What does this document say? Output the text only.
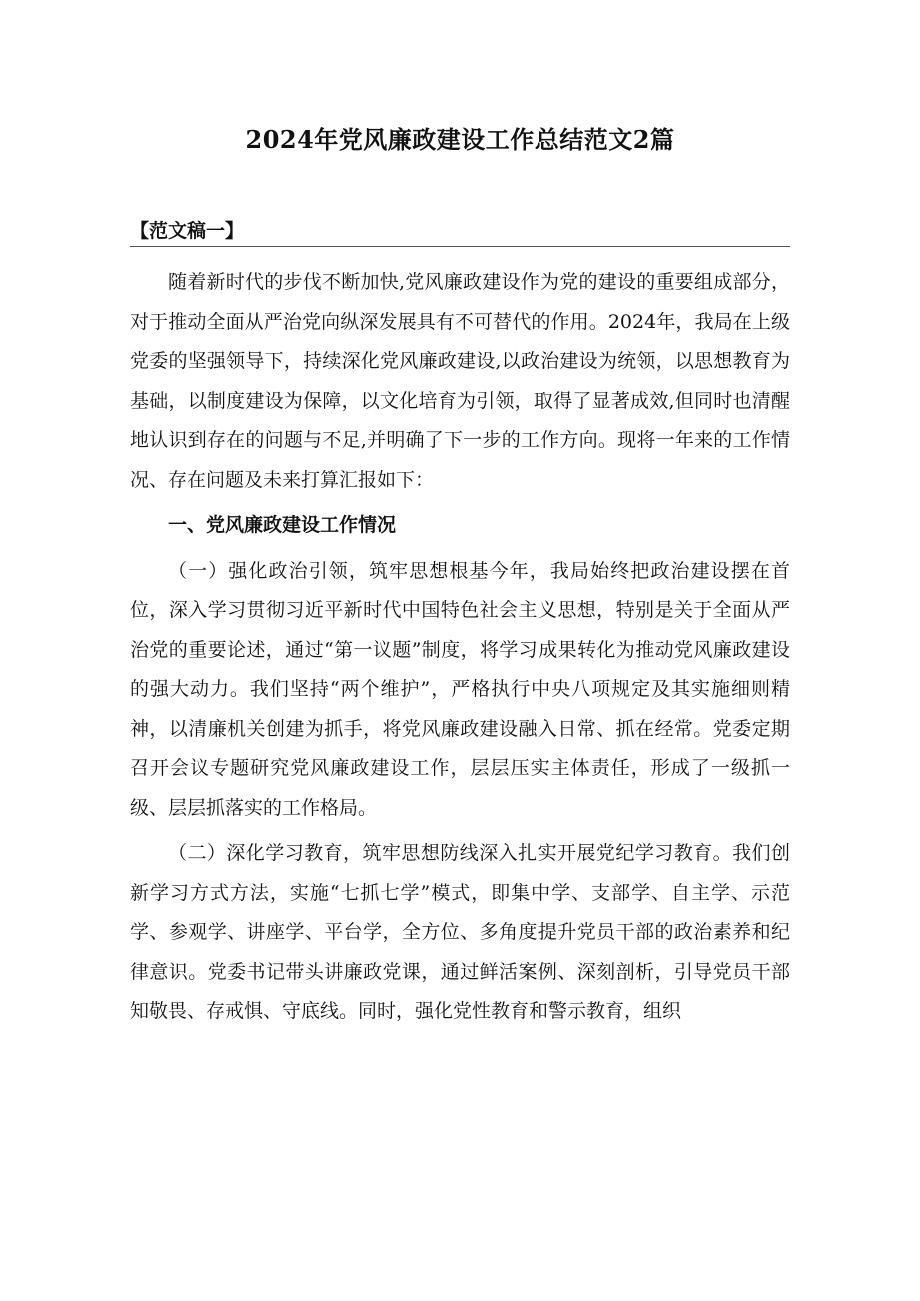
2024年党风廉政建设工作总结范文2篇
【范文稿一】

随着新时代的步伐不断加快,党风廉政建设作为党的建设的重要组成部分，对于推动全面从严治党向纵深发展具有不可替代的作用。2024年，我局在上级党委的坚强领导下，持续深化党风廉政建设,以政治建设为统领，以思想教育为基础，以制度建设为保障，以文化培育为引领，取得了显著成效,但同时也清醒地认识到存在的问题与不足,并明确了下一步的工作方向。现将一年来的工作情况、存在问题及未来打算汇报如下：

一、党风廉政建设工作情况

（一）强化政治引领，筑牢思想根基今年，我局始终把政治建设摆在首位，深入学习贯彻习近平新时代中国特色社会主义思想，特别是关于全面从严治党的重要论述，通过“第一议题”制度，将学习成果转化为推动党风廉政建设的强大动力。我们坚持“两个维护”，严格执行中央八项规定及其实施细则精神，以清廉机关创建为抓手，将党风廉政建设融入日常、抓在经常。党委定期召开会议专题研究党风廉政建设工作，层层压实主体责任，形成了一级抓一级、层层抓落实的工作格局。

（二）深化学习教育，筑牢思想防线深入扎实开展党纪学习教育。我们创新学习方式方法，实施“七抓七学”模式，即集中学、支部学、自主学、示范学、参观学、讲座学、平台学，全方位、多角度提升党员干部的政治素养和纪律意识。党委书记带头讲廉政党课，通过鲜活案例、深刻剖析，引导党员干部知敬畏、存戒惧、守底线。同时，强化党性教育和警示教育，组织
